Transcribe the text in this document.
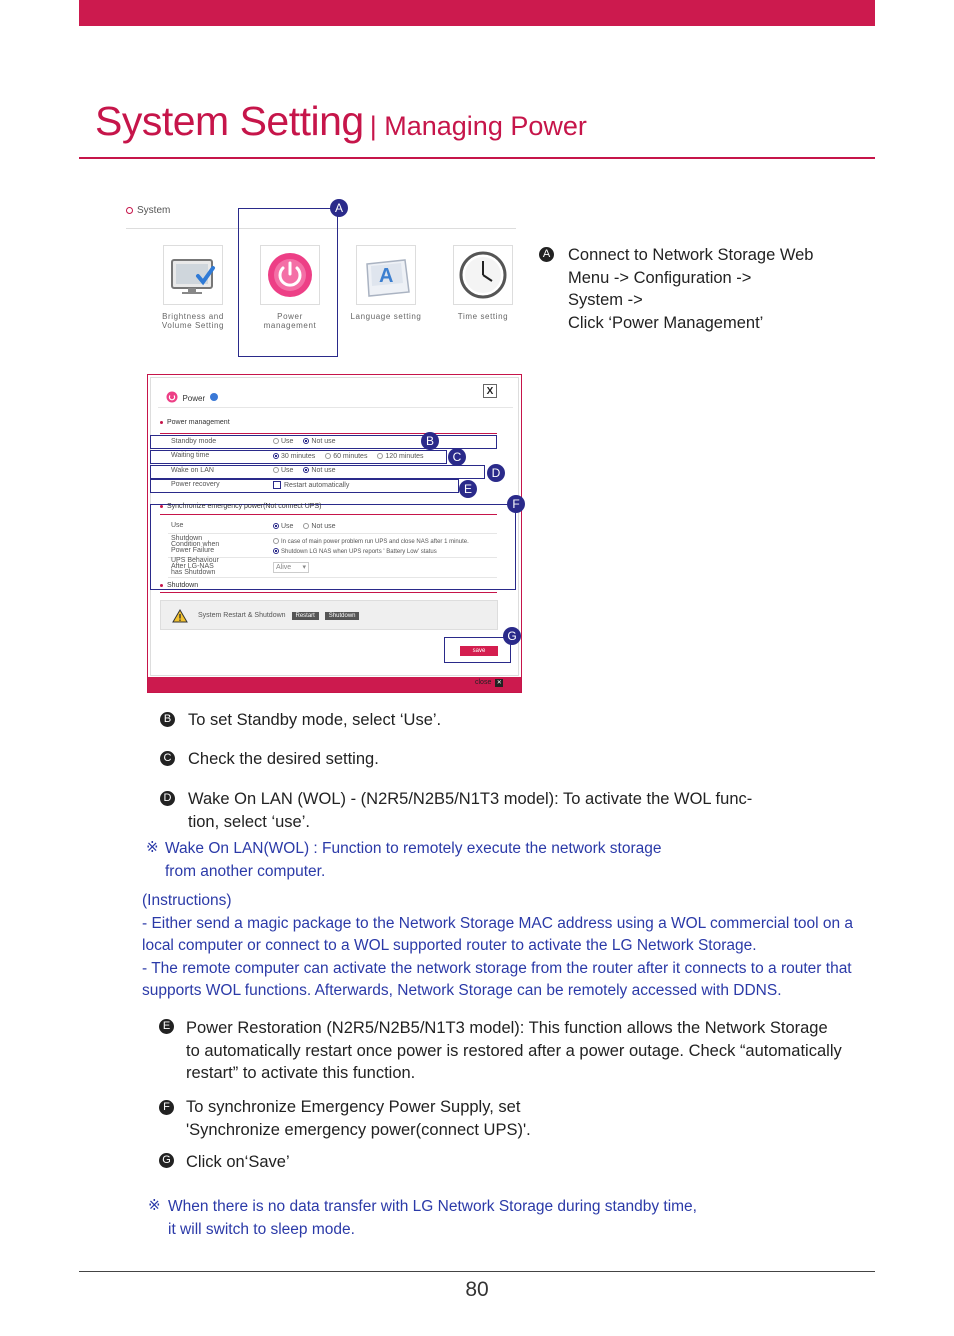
System Setting | Managing Power
System
Brightness and Volume Setting
Power management
A
Language setting	Time setting
A
A Connect to Network Storage Web
Menu -> Configuration ->
System ->
Click ‘Power Management’
Power
X
Power management
Standby mode	Use	Not use
Waiting time	30 minutes	60 minutes	120 minutes
Wake on LAN	Use	Not use
Power recovery	Restart automatically
B
C
D
E
F
Synchronize emergency power(Not connect UPS)
Use	Use	Not use
Shutdown
Condition when
Power Failure
In case of main power problem run UPS and close NAS after 1 minute.
Shutdown LG NAS when UPS reports ' Battery Low' status
UPS Behaviour
After LG-NAS
has Shutdown
Alive ▾
Shutdown
System Restart & Shutdown Restart Shutdown
save
G
close ✕
B To set Standby mode, select ‘Use’.
C Check the desired setting.
D Wake On LAN (WOL) - (N2R5/N2B5/N1T3 model): To activate the WOL func-
tion, select ‘use’.
※ Wake On LAN(WOL) : Function to remotely execute the network storage
from another computer.
(Instructions)
- Either send a magic package to the Network Storage MAC address using a WOL commercial tool on a
local computer or connect to a WOL supported router to activate the LG Network Storage.
- The remote computer can activate the network storage from the router after it connects to a router that
supports WOL functions. Afterwards, Network Storage can be remotely accessed with DDNS.
E Power Restoration (N2R5/N2B5/N1T3 model): This function allows the Network Storage
to automatically restart once power is restored after a power outage. Check “automatically
restart” to activate this function.
F To synchronize Emergency Power Supply, set
'Synchronize emergency power(connect UPS)'.
G Click on‘Save’
※ When there is no data transfer with LG Network Storage during standby time,
it will switch to sleep mode.
80
